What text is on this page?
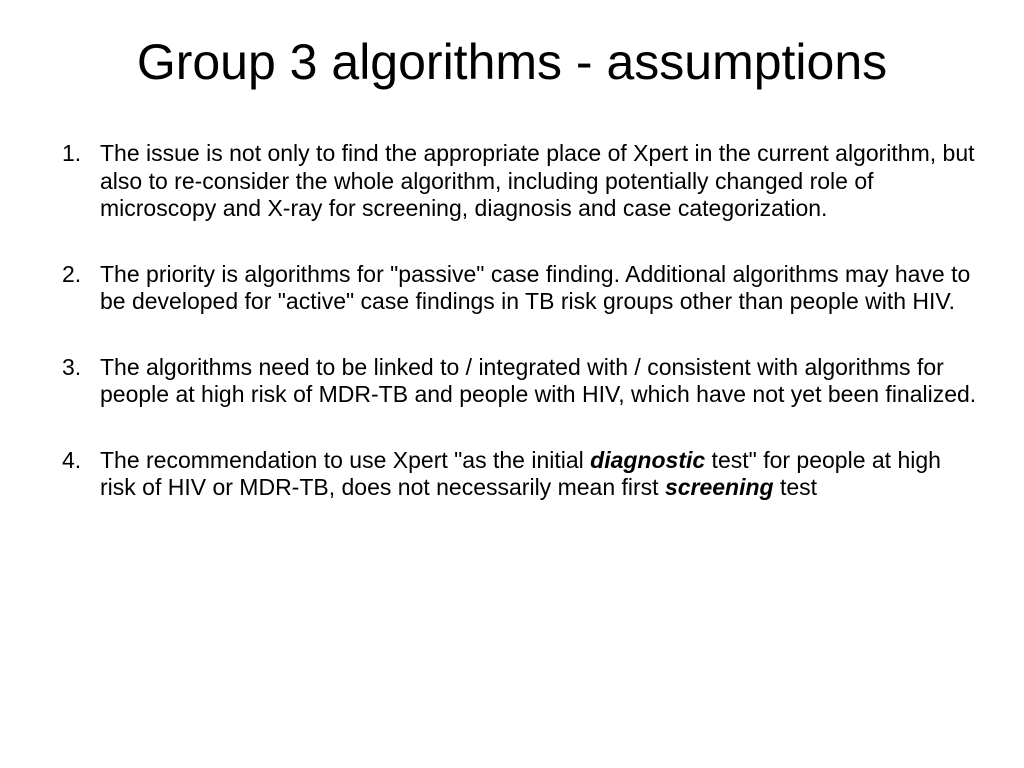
Group 3 algorithms - assumptions
1. The issue is not only to find the appropriate place of Xpert in the current algorithm, but also to re-consider the whole algorithm, including potentially changed role of microscopy and X-ray for screening, diagnosis and case categorization.
2. The priority is algorithms for "passive" case finding. Additional algorithms may have to be developed for "active" case findings in TB risk groups other than people with HIV.
3. The algorithms need to be linked to / integrated with / consistent with algorithms for people at high risk of MDR-TB and people with HIV, which have not yet been finalized.
4. The recommendation to use Xpert "as the initial diagnostic test" for people at high risk of HIV or MDR-TB, does not necessarily mean first screening test
